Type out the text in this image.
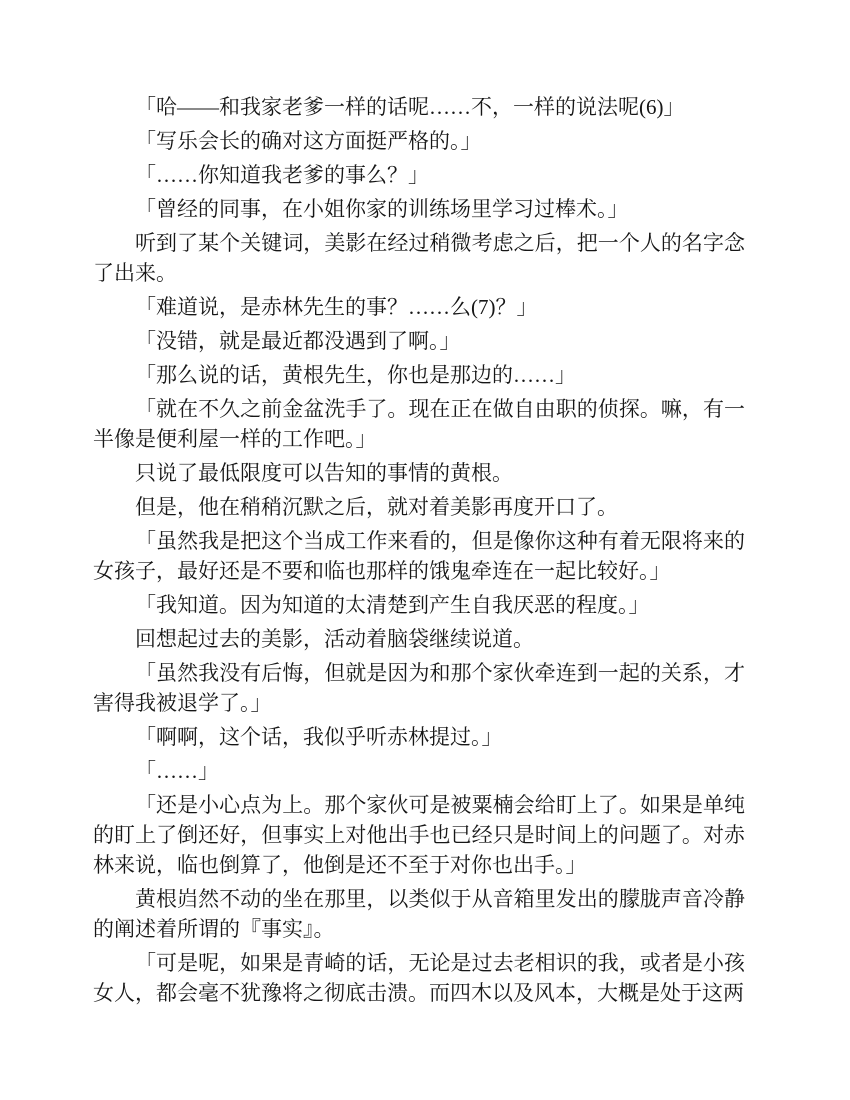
「哈——和我家老爹一样的话呢……不，一样的说法呢(6)」

「写乐会长的确对这方面挺严格的。」

「……你知道我老爹的事么？」

「曾经的同事，在小姐你家的训练场里学习过棒术。」

听到了某个关键词，美影在经过稍微考虑之后，把一个人的名字念了出来。

「难道说，是赤林先生的事？……么(7)？」

「没错，就是最近都没遇到了啊。」

「那么说的话，黄根先生，你也是那边的……」

「就在不久之前金盆洗手了。现在正在做自由职的侦探。嘛，有一半像是便利屋一样的工作吧。」

只说了最低限度可以告知的事情的黄根。

但是，他在稍稍沉默之后，就对着美影再度开口了。

「虽然我是把这个当成工作来看的，但是像你这种有着无限将来的女孩子，最好还是不要和临也那样的饿鬼牵连在一起比较好。」

「我知道。因为知道的太清楚到产生自我厌恶的程度。」

回想起过去的美影，活动着脑袋继续说道。

「虽然我没有后悔，但就是因为和那个家伙牵连到一起的关系，才害得我被退学了。」

「啊啊，这个话，我似乎听赤林提过。」

「……」

「还是小心点为上。那个家伙可是被粟楠会给盯上了。如果是单纯的盯上了倒还好，但事实上对他出手也已经只是时间上的问题了。对赤林来说，临也倒算了，他倒是还不至于对你也出手。」

黄根岿然不动的坐在那里，以类似于从音箱里发出的朦胧声音冷静的阐述着所谓的『事实』。

「可是呢，如果是青崎的话，无论是过去老相识的我，或者是小孩女人，都会毫不犹豫将之彻底击溃。而四木以及风本，大概是处于这两
